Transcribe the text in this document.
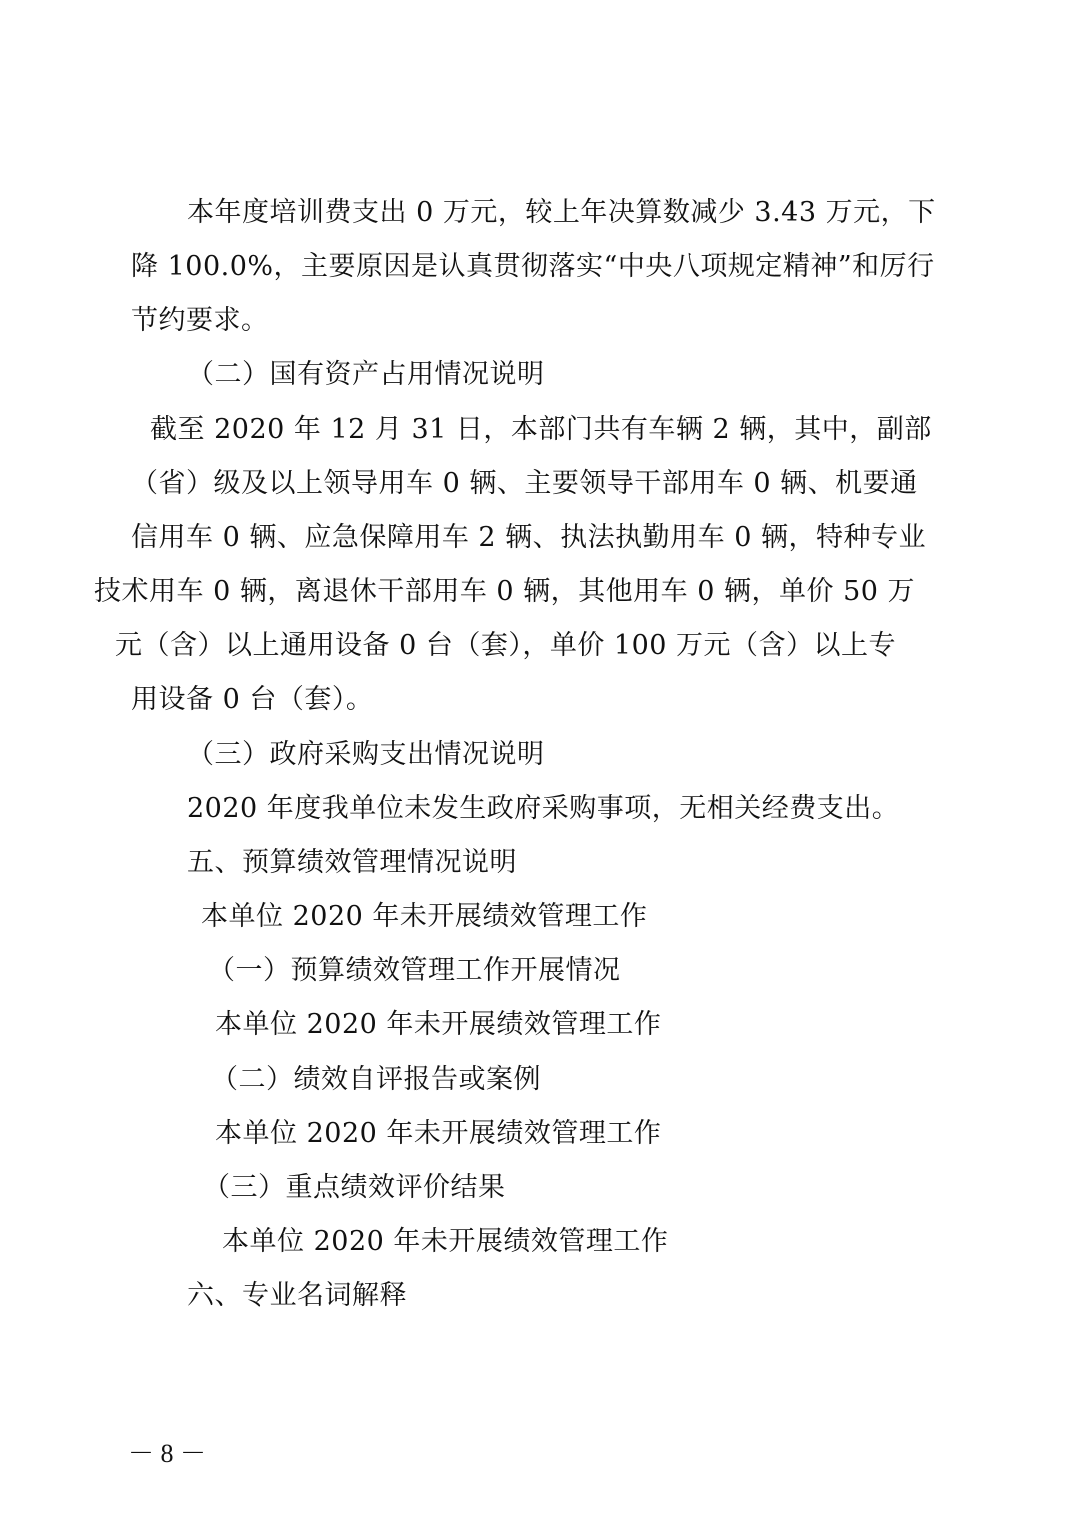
本年度培训费支出 0 万元，较上年决算数减少 3.43 万元，下
降 100.0%，主要原因是认真贯彻落实“中央八项规定精神”和厉行
节约要求。
（二）国有资产占用情况说明
截至 2020 年 12 月 31 日，本部门共有车辆 2 辆，其中，副部
（省）级及以上领导用车 0 辆、主要领导干部用车 0 辆、机要通
信用车 0 辆、应急保障用车 2 辆、执法执勤用车 0 辆，特种专业
技术用车 0 辆，离退休干部用车 0 辆，其他用车 0 辆，单价 50 万
元（含）以上通用设备 0 台（套），单价 100 万元（含）以上专
用设备 0 台（套）。
（三）政府采购支出情况说明
2020 年度我单位未发生政府采购事项，无相关经费支出。
五、预算绩效管理情况说明
本单位 2020 年未开展绩效管理工作
（一）预算绩效管理工作开展情况
本单位 2020 年未开展绩效管理工作
（二）绩效自评报告或案例
本单位 2020 年未开展绩效管理工作
（三）重点绩效评价结果
本单位 2020 年未开展绩效管理工作
六、专业名词解释
－ 8 －
